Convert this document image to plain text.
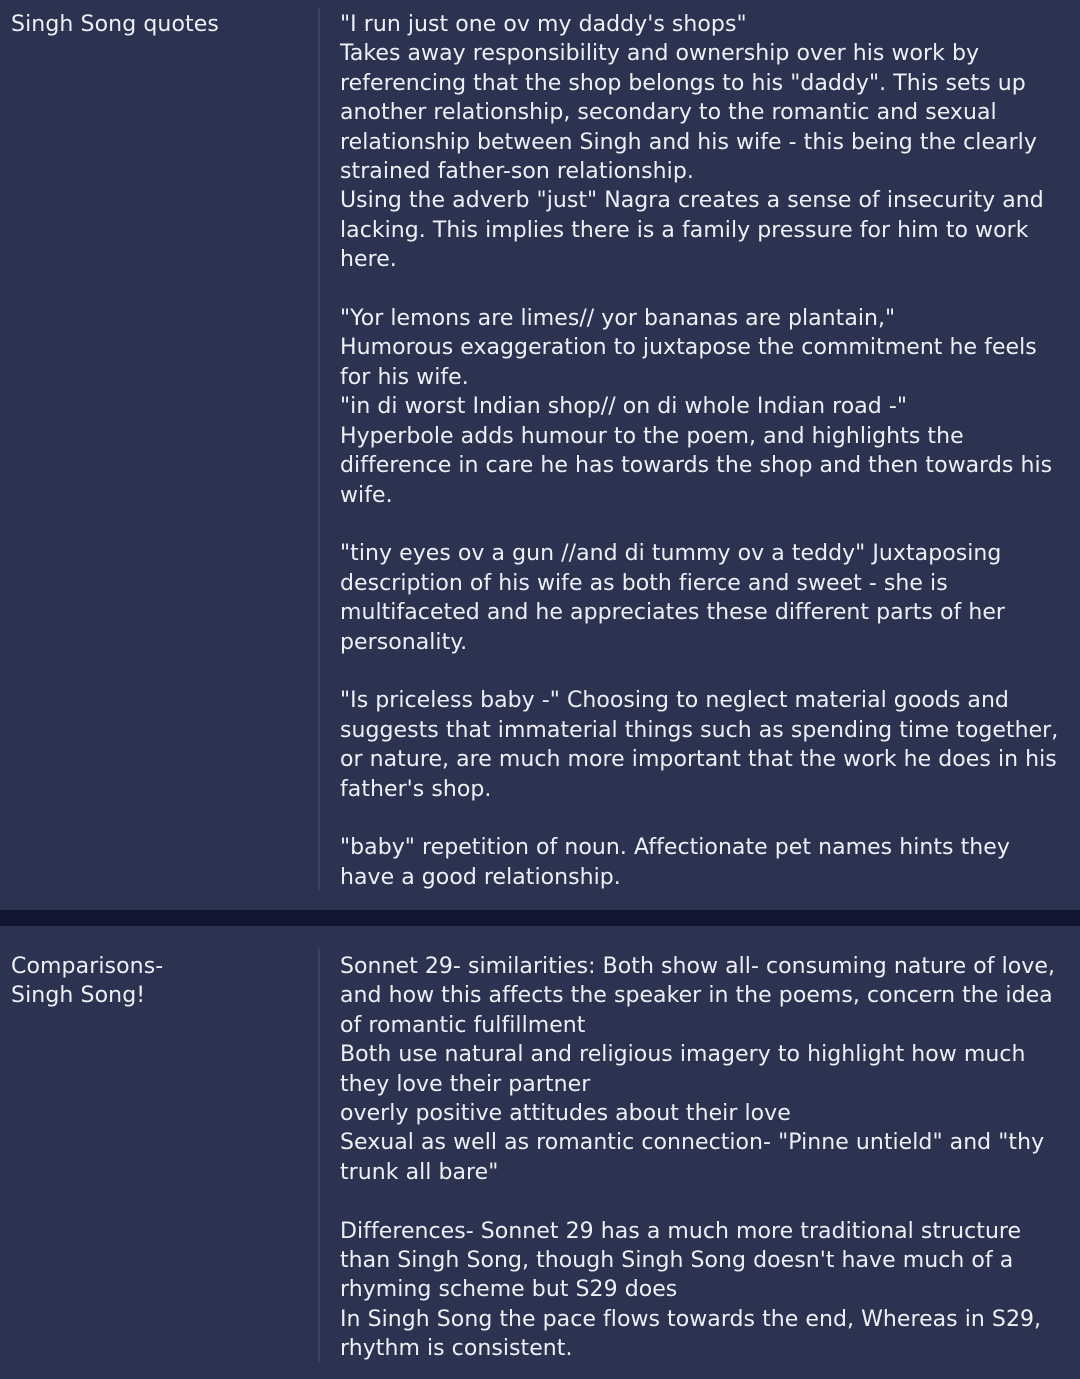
Singh Song quotes	"I run just one ov my daddy's shops"
Takes away responsibility and ownership over his work by referencing that the shop belongs to his "daddy". This sets up another relationship, secondary to the romantic and sexual relationship between Singh and his wife - this being the clearly strained father-son relationship.
Using the adverb "just" Nagra creates a sense of insecurity and lacking. This implies there is a family pressure for him to work here.

"Yor lemons are limes// yor bananas are plantain,"
Humorous exaggeration to juxtapose the commitment he feels for his wife.
"in di worst Indian shop// on di whole Indian road -"
Hyperbole adds humour to the poem, and highlights the difference in care he has towards the shop and then towards his wife.

"tiny eyes ov a gun //and di tummy ov a teddy" Juxtaposing description of his wife as both fierce and sweet - she is multifaceted and he appreciates these different parts of her personality.

"Is priceless baby -" Choosing to neglect material goods and suggests that immaterial things such as spending time together, or nature, are much more important that the work he does in his father's shop.

"baby" repetition of noun. Affectionate pet names hints they have a good relationship.
Comparisons-
Singh Song!
Sonnet 29- similarities: Both show all- consuming nature of love, and how this affects the speaker in the poems, concern the idea of romantic fulfillment
Both use natural and religious imagery to highlight how much they love their partner
overly positive attitudes about their love
Sexual as well as romantic connection- "Pinne untield" and "thy trunk all bare"

Differences- Sonnet 29 has a much more traditional structure than Singh Song, though Singh Song doesn't have much of a rhyming scheme but S29 does
In Singh Song the pace flows towards the end, Whereas in S29, rhythm is consistent.
